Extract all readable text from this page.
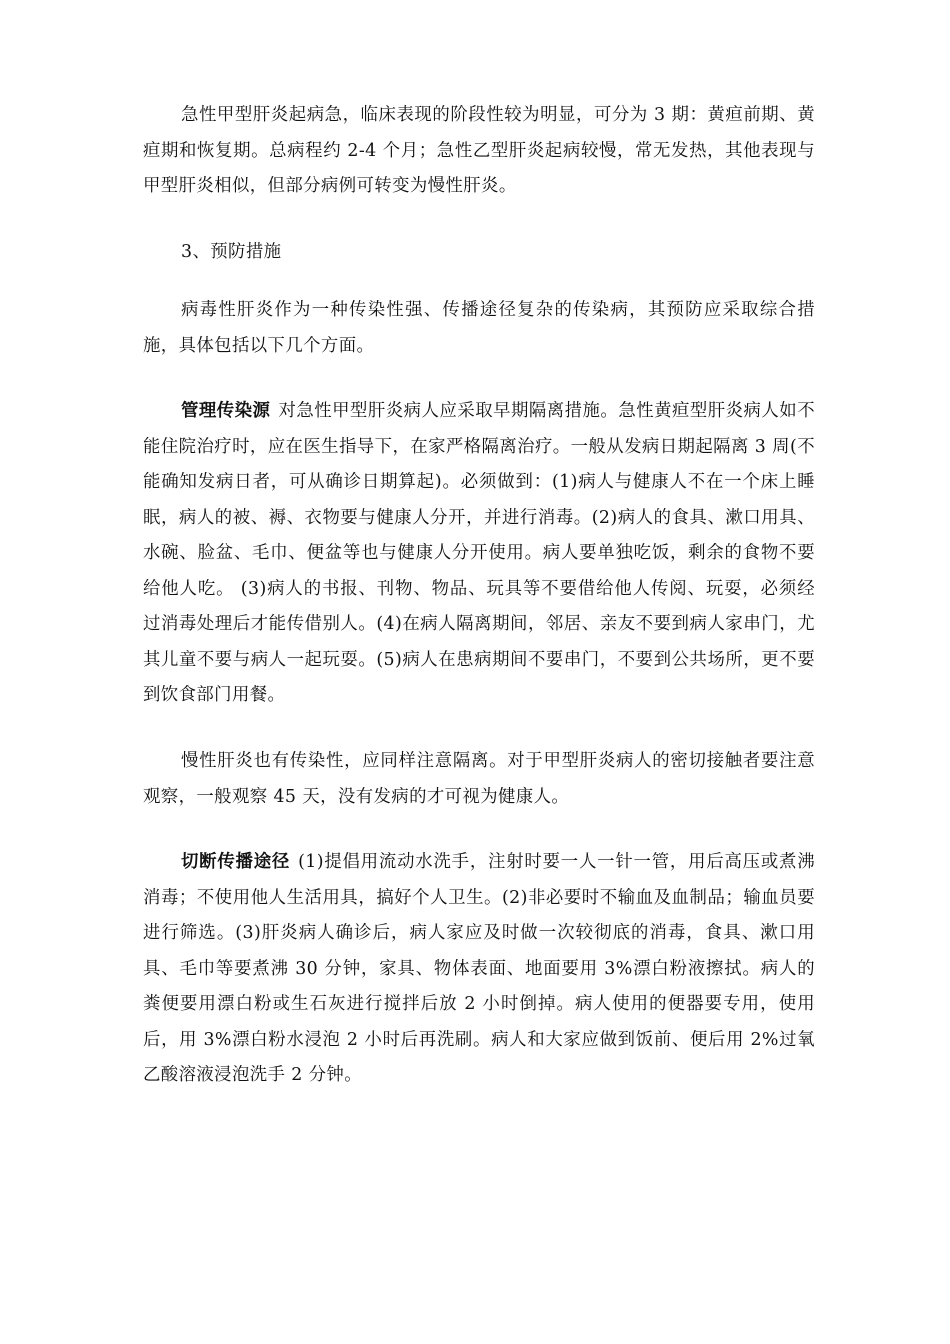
急性甲型肝炎起病急，临床表现的阶段性较为明显，可分为 3 期：黄疸前期、黄疸期和恢复期。总病程约 2-4 个月；急性乙型肝炎起病较慢，常无发热，其他表现与甲型肝炎相似，但部分病例可转变为慢性肝炎。

3、预防措施

病毒性肝炎作为一种传染性强、传播途径复杂的传染病，其预防应采取综合措施，具体包括以下几个方面。

管理传染源 对急性甲型肝炎病人应采取早期隔离措施。急性黄疸型肝炎病人如不能住院治疗时，应在医生指导下，在家严格隔离治疗。一般从发病日期起隔离 3 周(不能确知发病日者，可从确诊日期算起)。必须做到：(1)病人与健康人不在一个床上睡眠，病人的被、褥、衣物要与健康人分开，并进行消毒。(2)病人的食具、漱口用具、水碗、脸盆、毛巾、便盆等也与健康人分开使用。病人要单独吃饭，剩余的食物不要给他人吃。 (3)病人的书报、刊物、物品、玩具等不要借给他人传阅、玩耍，必须经过消毒处理后才能传借别人。(4)在病人隔离期间，邻居、亲友不要到病人家串门，尤其儿童不要与病人一起玩耍。(5)病人在患病期间不要串门，不要到公共场所，更不要到饮食部门用餐。

慢性肝炎也有传染性，应同样注意隔离。对于甲型肝炎病人的密切接触者要注意观察，一般观察 45 天，没有发病的才可视为健康人。

切断传播途径 (1)提倡用流动水洗手，注射时要一人一针一管，用后高压或煮沸消毒；不使用他人生活用具，搞好个人卫生。(2)非必要时不输血及血制品；输血员要进行筛选。(3)肝炎病人确诊后，病人家应及时做一次较彻底的消毒，食具、漱口用具、毛巾等要煮沸 30 分钟，家具、物体表面、地面要用 3%漂白粉液擦拭。病人的粪便要用漂白粉或生石灰进行搅拌后放 2 小时倒掉。病人使用的便器要专用，使用后，用 3%漂白粉水浸泡 2 小时后再洗刷。病人和大家应做到饭前、便后用 2%过氧乙酸溶液浸泡洗手 2 分钟。
